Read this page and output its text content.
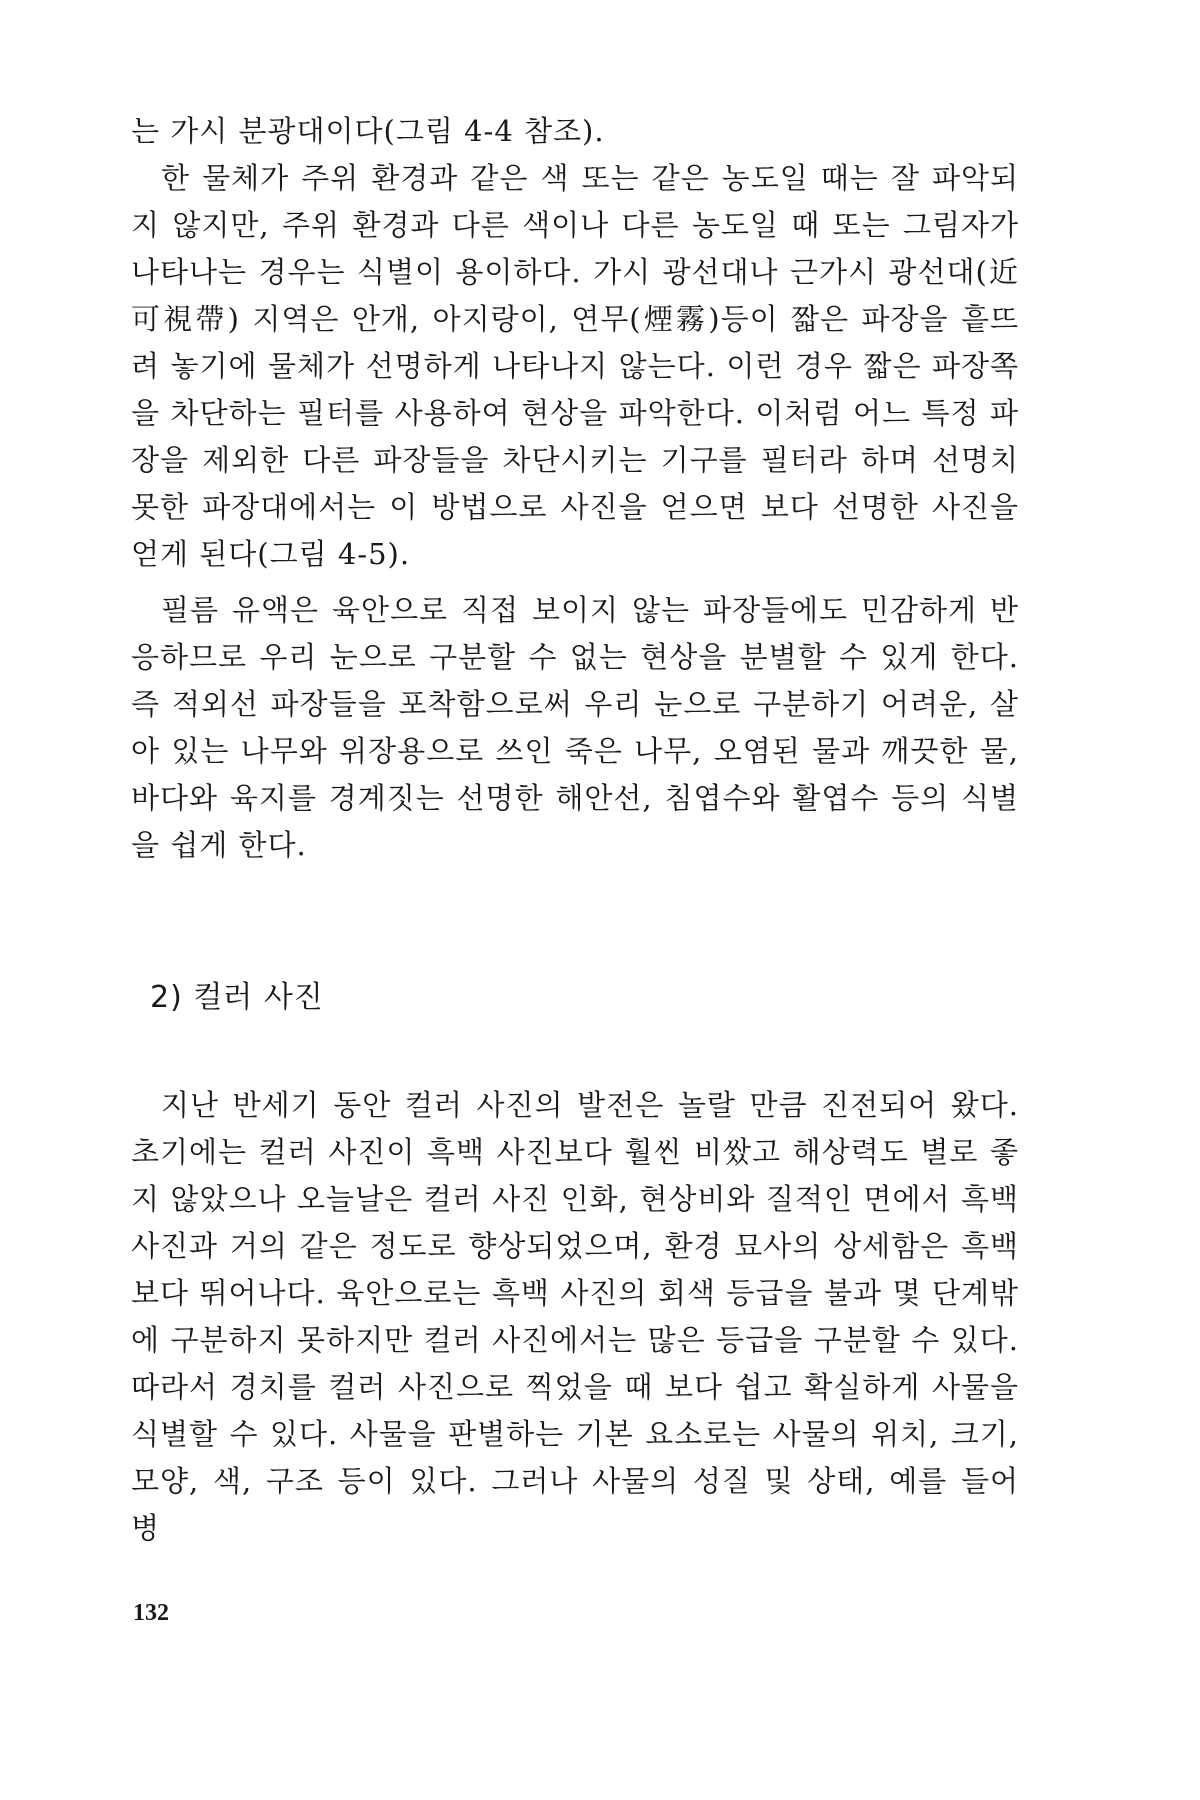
는 가시 분광대이다(그림 4-4 참조).

한 물체가 주위 환경과 같은 색 또는 같은 농도일 때는 잘 파악되지 않지만, 주위 환경과 다른 색이나 다른 농도일 때 또는 그림자가 나타나는 경우는 식별이 용이하다. 가시 광선대나 근가시 광선대(近可視帶) 지역은 안개, 아지랑이, 연무(煙霧)등이 짧은 파장을 흩뜨려 놓기에 물체가 선명하게 나타나지 않는다. 이런 경우 짧은 파장쪽을 차단하는 필터를 사용하여 현상을 파악한다. 이처럼 어느 특정 파장을 제외한 다른 파장들을 차단시키는 기구를 필터라 하며 선명치 못한 파장대에서는 이 방법으로 사진을 얻으면 보다 선명한 사진을 얻게 된다(그림 4-5).

필름 유액은 육안으로 직접 보이지 않는 파장들에도 민감하게 반응하므로 우리 눈으로 구분할 수 없는 현상을 분별할 수 있게 한다. 즉 적외선 파장들을 포착함으로써 우리 눈으로 구분하기 어려운, 살아 있는 나무와 위장용으로 쓰인 죽은 나무, 오염된 물과 깨끗한 물, 바다와 육지를 경계짓는 선명한 해안선, 침엽수와 활엽수 등의 식별을 쉽게 한다.

2) 컬러 사진

지난 반세기 동안 컬러 사진의 발전은 놀랄 만큼 진전되어 왔다. 초기에는 컬러 사진이 흑백 사진보다 훨씬 비쌌고 해상력도 별로 좋지 않았으나 오늘날은 컬러 사진 인화, 현상비와 질적인 면에서 흑백 사진과 거의 같은 정도로 향상되었으며, 환경 묘사의 상세함은 흑백보다 뛰어나다. 육안으로는 흑백 사진의 회색 등급을 불과 몇 단계밖에 구분하지 못하지만 컬러 사진에서는 많은 등급을 구분할 수 있다. 따라서 경치를 컬러 사진으로 찍었을 때 보다 쉽고 확실하게 사물을 식별할 수 있다. 사물을 판별하는 기본 요소로는 사물의 위치, 크기, 모양, 색, 구조 등이 있다. 그러나 사물의 성질 및 상태, 예를 들어 병

132
